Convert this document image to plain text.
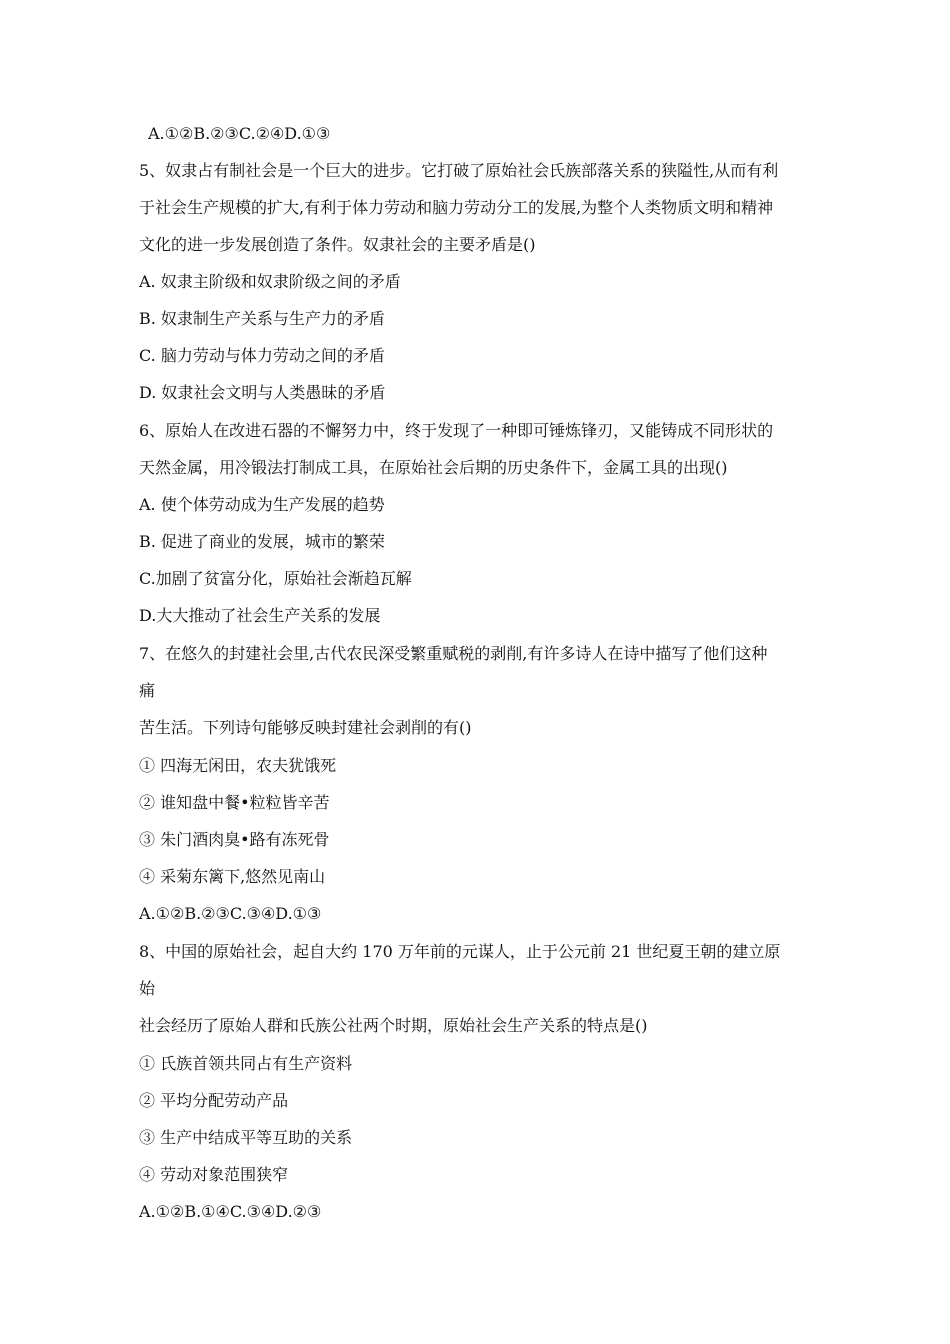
A.①②B.②③C.②④D.①③
5、奴隶占有制社会是一个巨大的进步。它打破了原始社会氏族部落关系的狭隘性,从而有利
于社会生产规模的扩大,有利于体力劳动和脑力劳动分工的发展,为整个人类物质文明和精神
文化的进一步发展创造了条件。奴隶社会的主要矛盾是()
A. 奴隶主阶级和奴隶阶级之间的矛盾
B. 奴隶制生产关系与生产力的矛盾
C. 脑力劳动与体力劳动之间的矛盾
D. 奴隶社会文明与人类愚昧的矛盾
6、原始人在改进石器的不懈努力中，终于发现了一种即可锤炼锋刃，又能铸成不同形状的
天然金属，用冷锻法打制成工具，在原始社会后期的历史条件下，金属工具的出现()
A. 使个体劳动成为生产发展的趋势
B. 促进了商业的发展，城市的繁荣
C.加剧了贫富分化，原始社会渐趋瓦解
D.大大推动了社会生产关系的发展
7、在悠久的封建社会里,古代农民深受繁重赋税的剥削,有许多诗人在诗中描写了他们这种
痛
苦生活。下列诗句能够反映封建社会剥削的有()
① 四海无闲田，农夫犹饿死
② 谁知盘中餐•粒粒皆辛苦
③ 朱门酒肉臭•路有冻死骨
④ 采菊东篱下,悠然见南山
A.①②B.②③C.③④D.①③
8、中国的原始社会，起自大约 170 万年前的元谋人，止于公元前 21 世纪夏王朝的建立原
始
社会经历了原始人群和氏族公社两个时期，原始社会生产关系的特点是()
① 氏族首领共同占有生产资料
② 平均分配劳动产品
③ 生产中结成平等互助的关系
④ 劳动对象范围狭窄
A.①②B.①④C.③④D.②③
